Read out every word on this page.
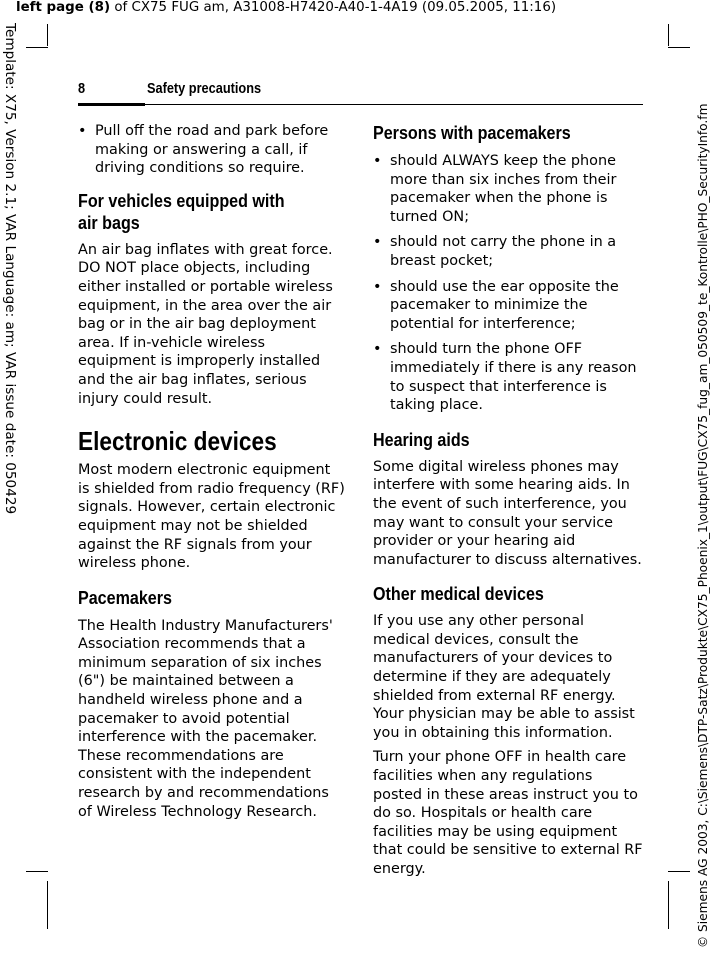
left page (8) of CX75 FUG am, A31008-H7420-A40-1-4A19 (09.05.2005, 11:16)
Template: X75, Version 2.1; VAR Language: am; VAR issue date: 050429	© Siemens AG 2003, C:\Siemens\DTP-Satz\Produkte\CX75_Phoenix_1\output\FUG\CX75_fug_am_050509_te_Kontrolle\PHO_SecurityInfo.fm
8	Safety precautions

• Pull off the road and park before making or answering a call, if driving conditions so require.

For vehicles equipped with
air bags

An air bag inflates with great force. DO NOT place objects, including either installed or portable wireless equipment, in the area over the air bag or in the air bag deployment area. If in-vehicle wireless equipment is improperly installed and the air bag inflates, serious injury could result.

Electronic devices

Most modern electronic equipment is shielded from radio frequency (RF) signals. However, certain electronic equipment may not be shielded against the RF signals from your wireless phone.

Pacemakers

The Health Industry Manufacturers' Association recommends that a minimum separation of six inches (6") be maintained between a handheld wireless phone and a pacemaker to avoid potential interference with the pacemaker. These recommendations are consistent with the independent research by and recommendations of Wireless Technology Research.

Persons with pacemakers

• should ALWAYS keep the phone more than six inches from their pacemaker when the phone is turned ON;

• should not carry the phone in a breast pocket;

• should use the ear opposite the pacemaker to minimize the potential for interference;

• should turn the phone OFF immediately if there is any reason to suspect that interference is taking place.

Hearing aids

Some digital wireless phones may interfere with some hearing aids. In the event of such interference, you may want to consult your service provider or your hearing aid manufacturer to discuss alternatives.

Other medical devices

If you use any other personal medical devices, consult the manufacturers of your devices to determine if they are adequately shielded from external RF energy. Your physician may be able to assist you in obtaining this information.

Turn your phone OFF in health care facilities when any regulations posted in these areas instruct you to do so. Hospitals or health care facilities may be using equipment that could be sensitive to external RF energy.
